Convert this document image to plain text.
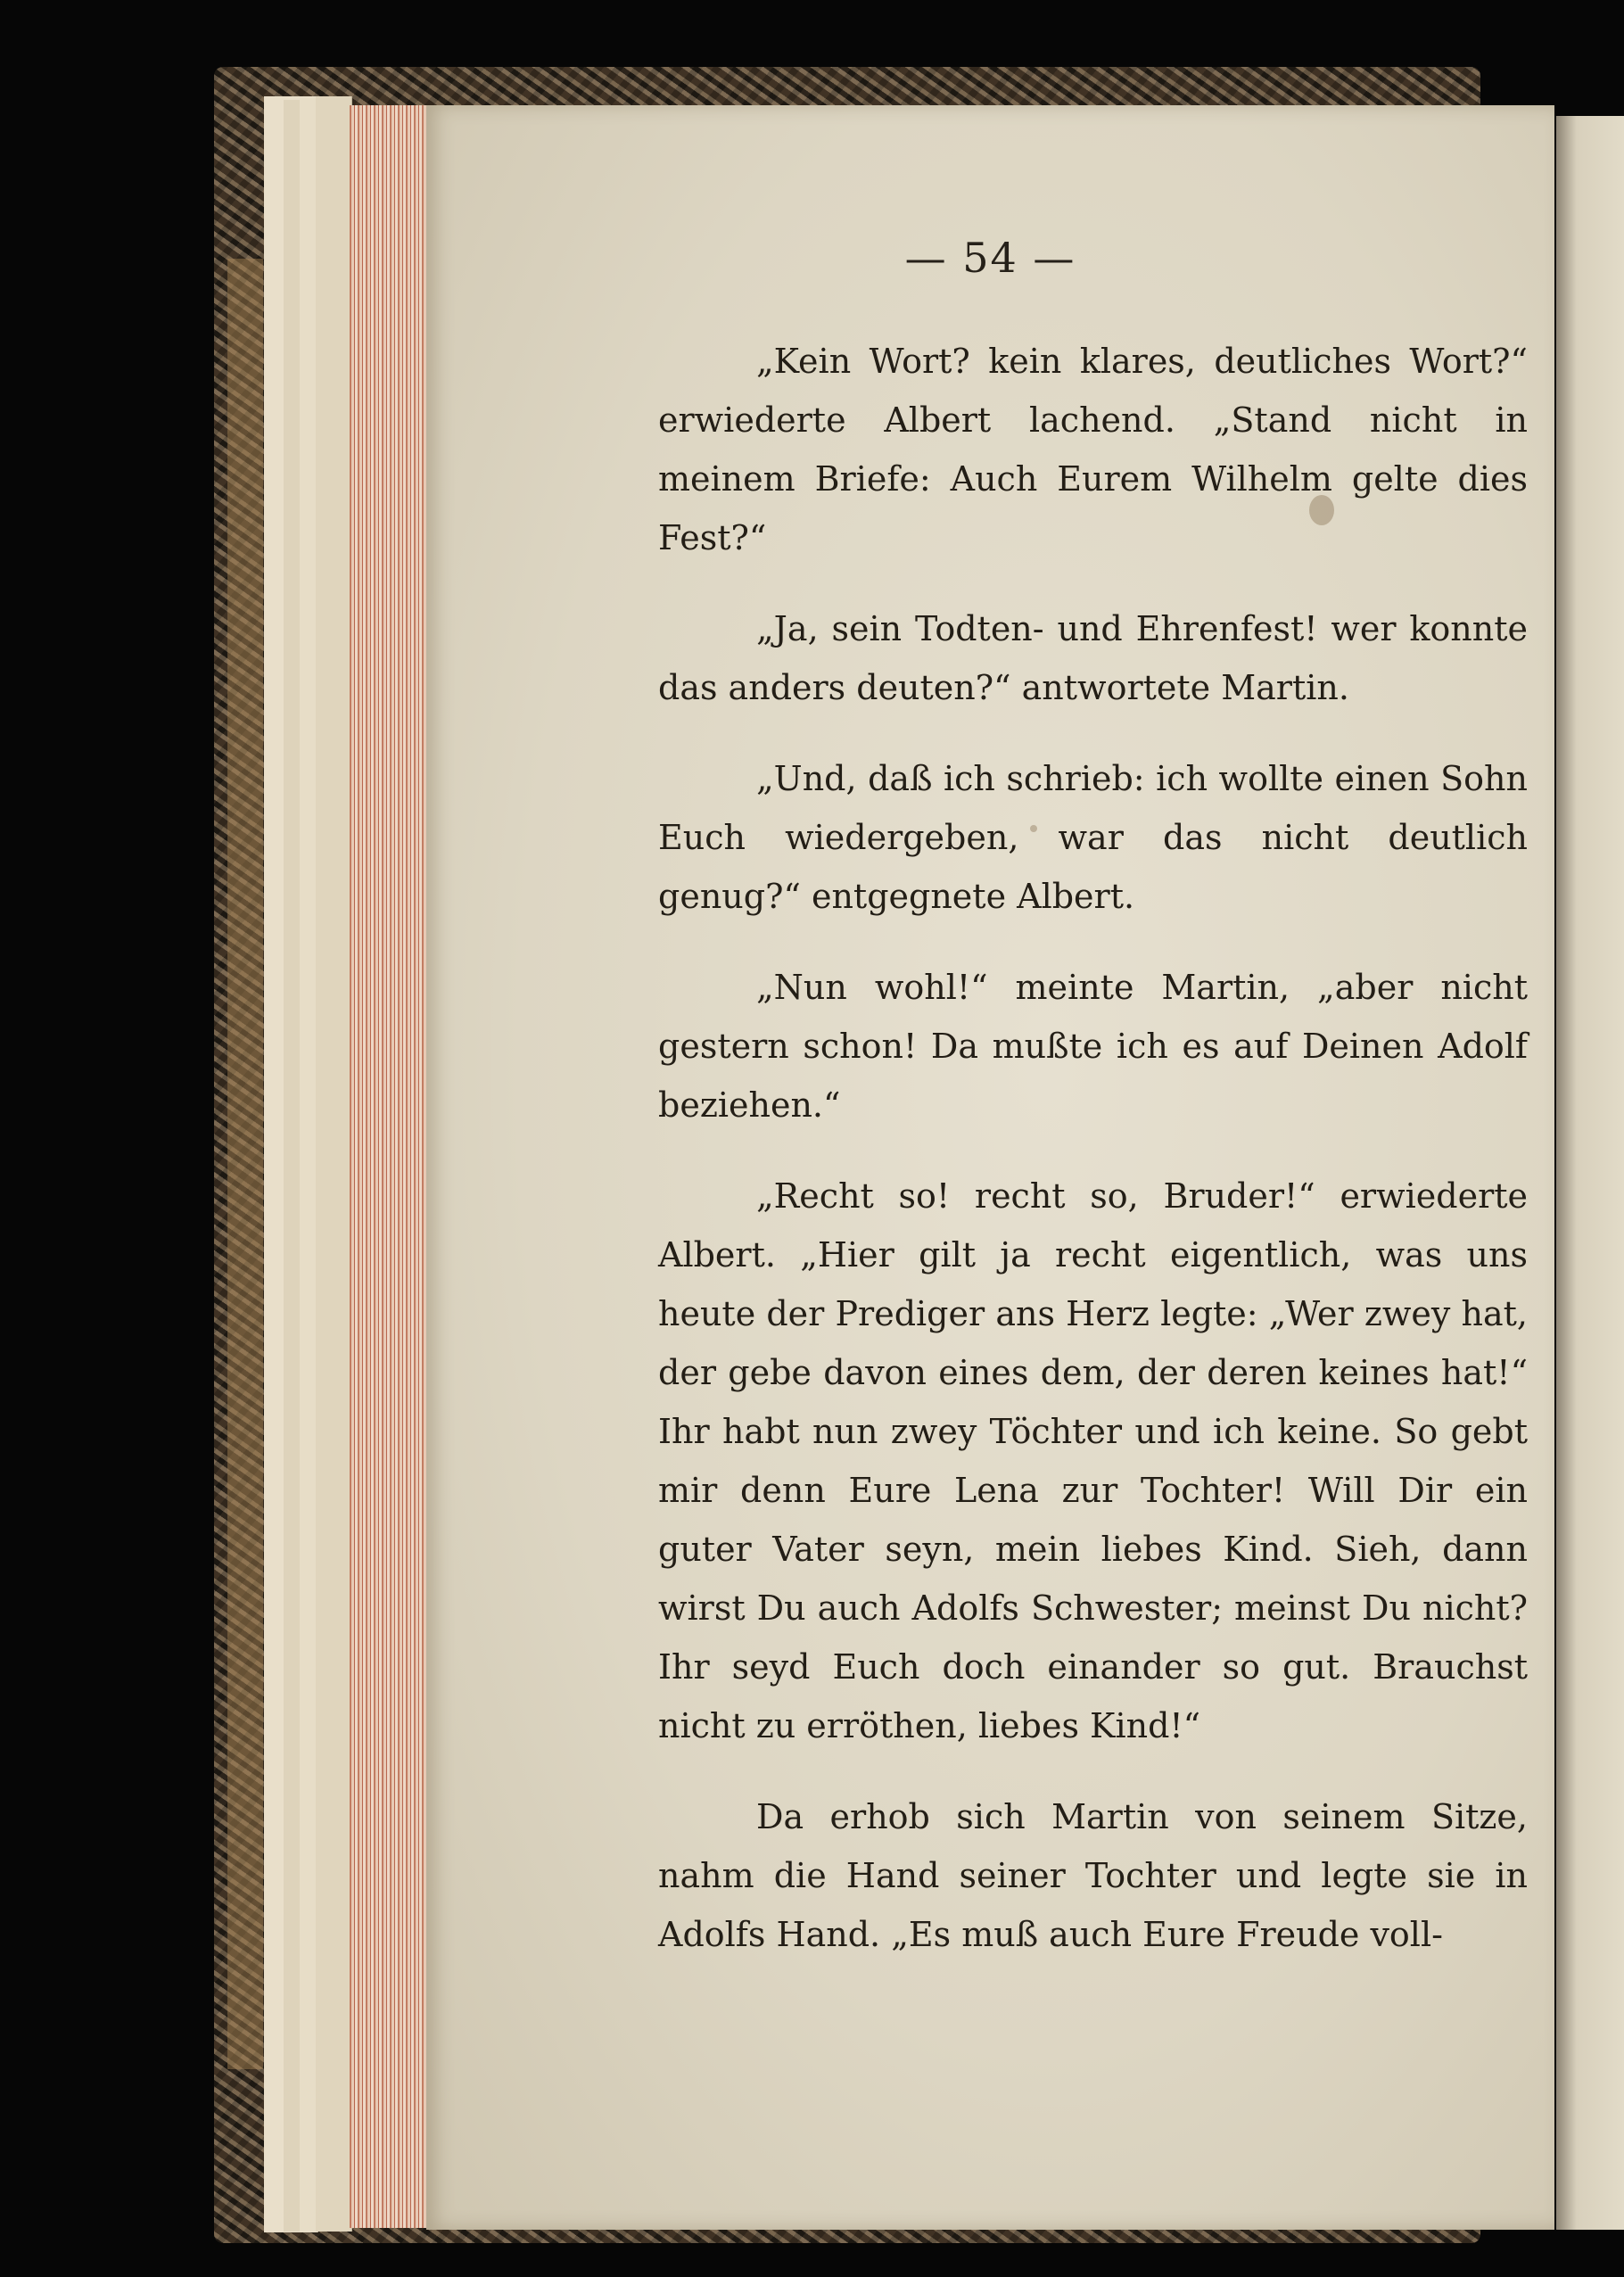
— 54 —

„Kein Wort? kein klares, deutliches Wort?“ erwiederte Albert lachend. „Stand nicht in meinem Briefe: Auch Eurem Wilhelm gelte dies Fest?“

„Ja, sein Todten- und Ehrenfest! wer konnte das anders deuten?“ antwortete Martin.

„Und, daß ich schrieb: ich wollte einen Sohn Euch wiedergeben, war das nicht deutlich genug?“ entgegnete Albert.

„Nun wohl!“ meinte Martin, „aber nicht gestern schon! Da mußte ich es auf Deinen Adolf beziehen.“

„Recht so! recht so, Bruder!“ erwiederte Albert. „Hier gilt ja recht eigentlich, was uns heute der Prediger ans Herz legte: „Wer zwey hat, der gebe davon eines dem, der deren keines hat!“ Ihr habt nun zwey Töchter und ich keine. So gebt mir denn Eure Lena zur Tochter! Will Dir ein guter Vater seyn, mein liebes Kind. Sieh, dann wirst Du auch Adolfs Schwester; meinst Du nicht? Ihr seyd Euch doch einander so gut. Brauchst nicht zu erröthen, liebes Kind!“

Da erhob sich Martin von seinem Sitze, nahm die Hand seiner Tochter und legte sie in Adolfs Hand. „Es muß auch Eure Freude voll-
